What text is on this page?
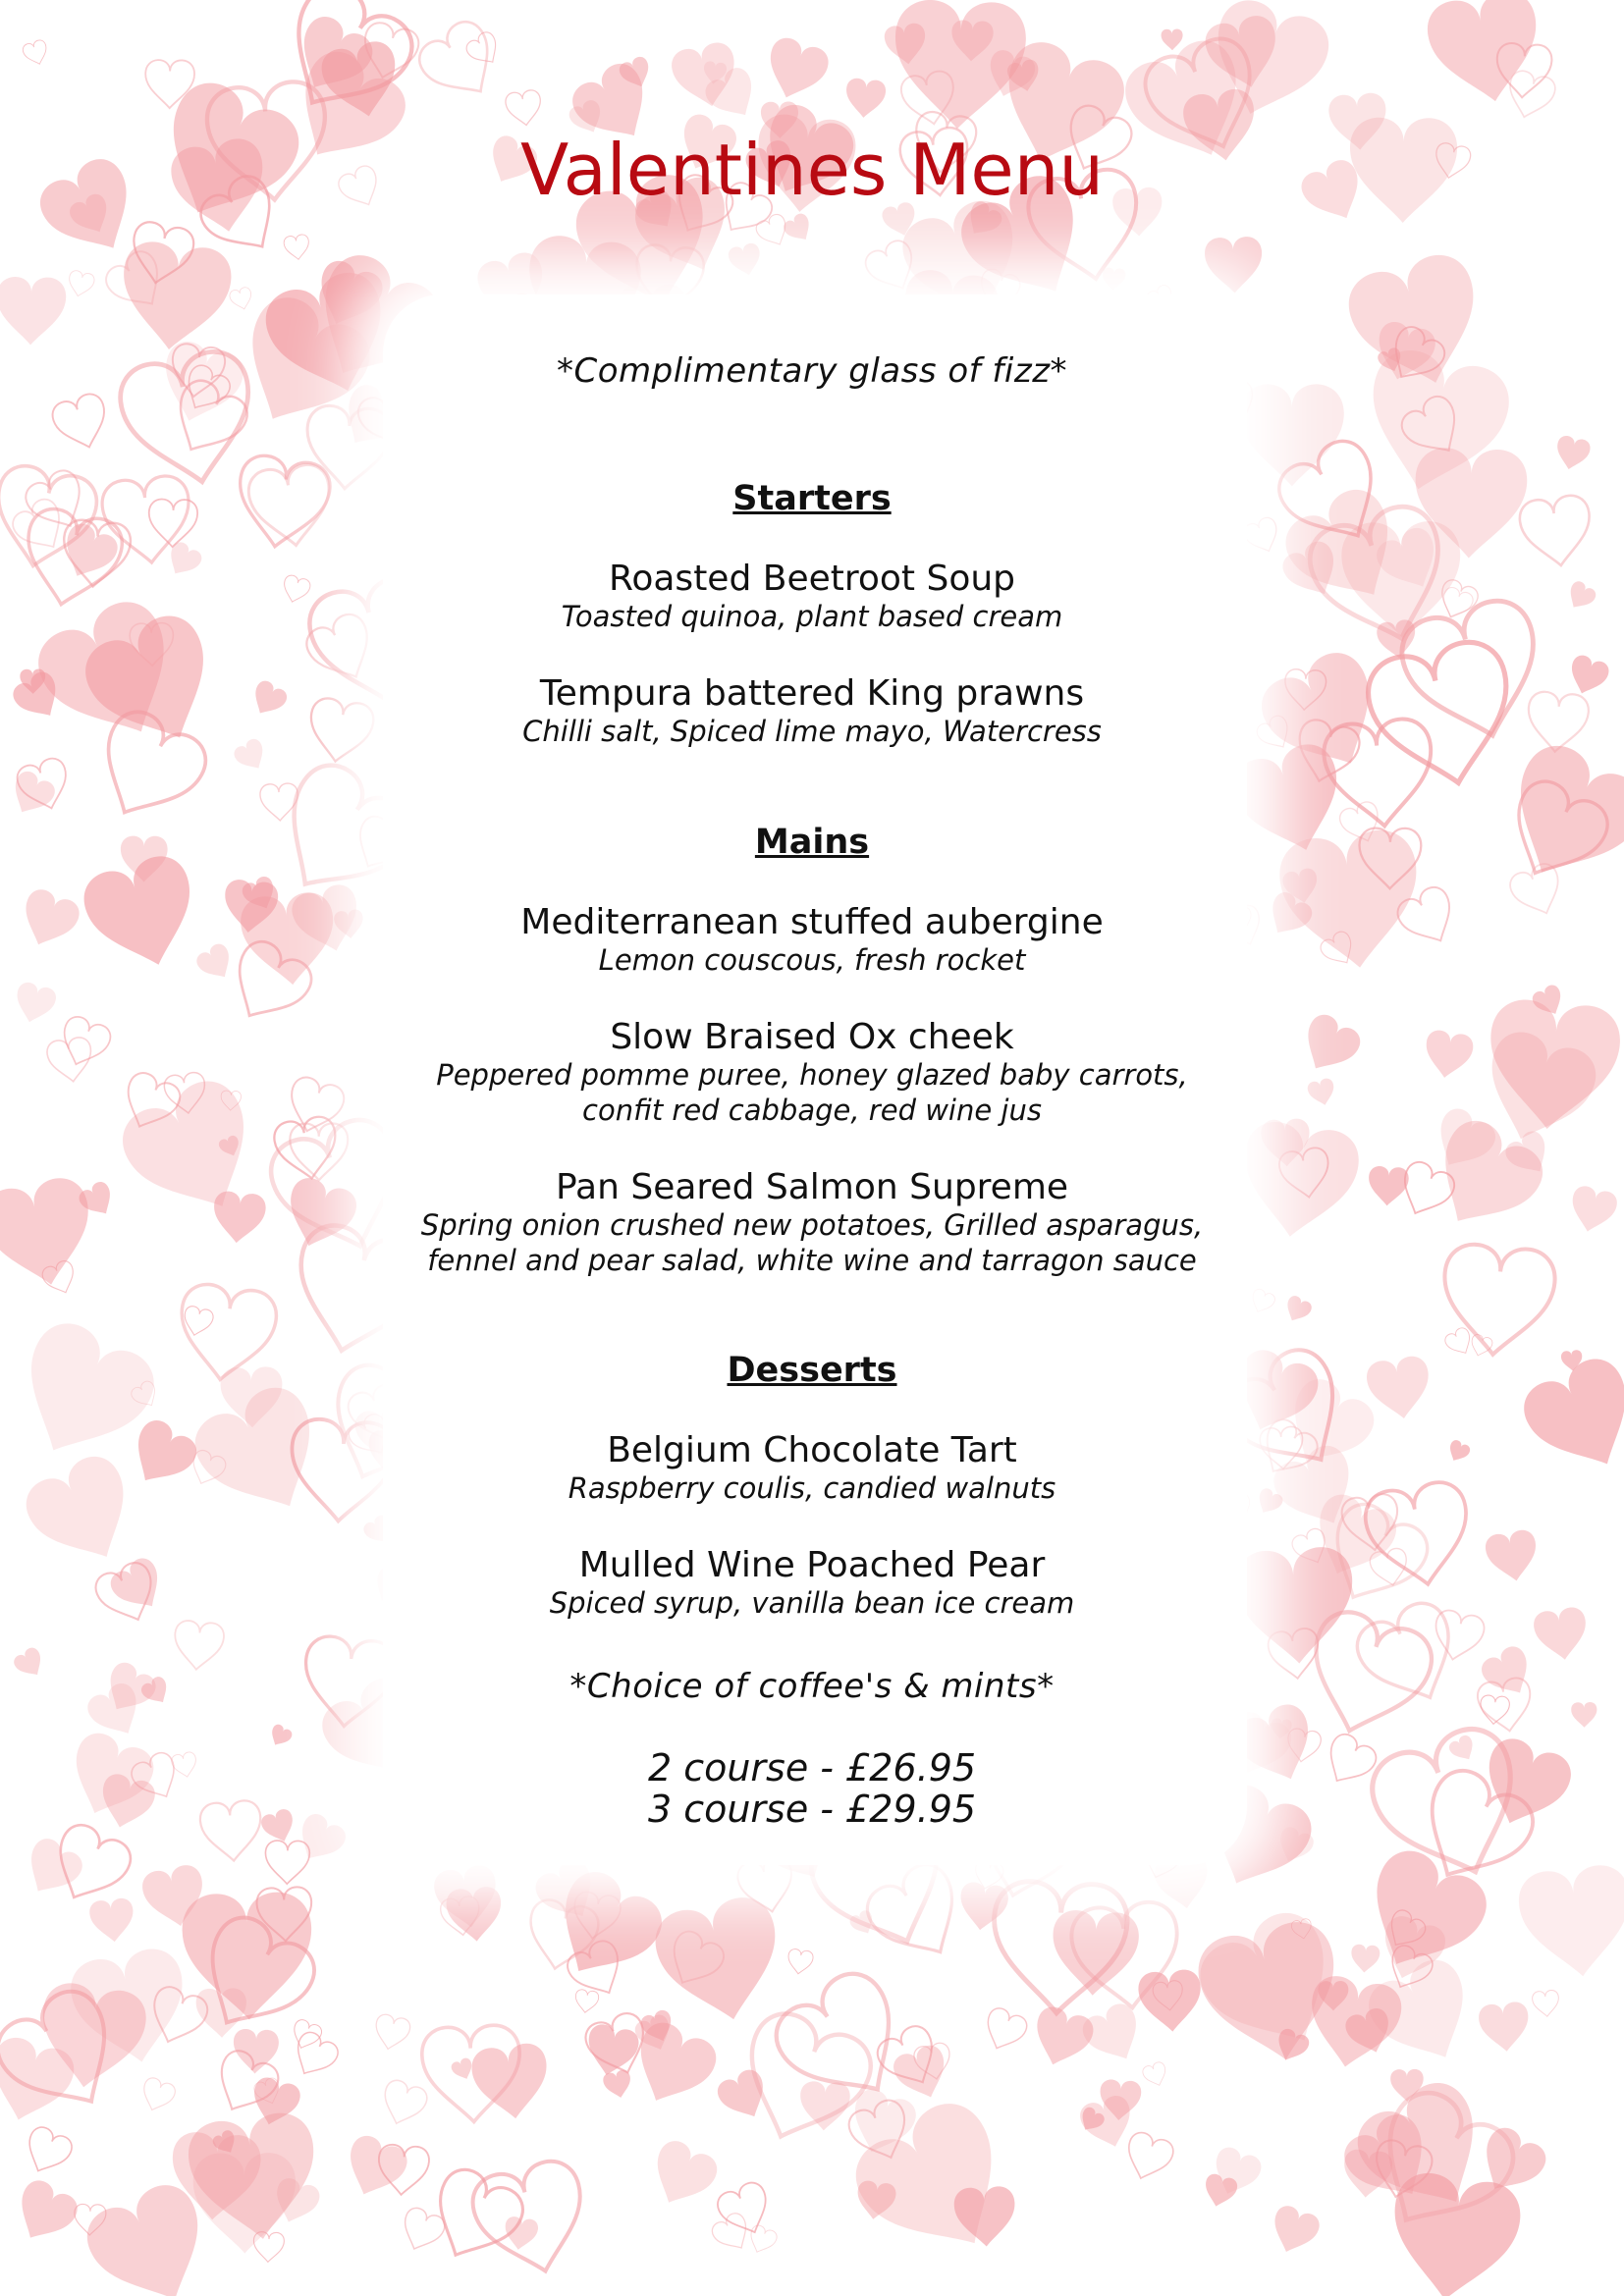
Valentines Menu
*Complimentary glass of fizz*
Starters
Roasted Beetroot Soup
Toasted quinoa, plant based cream
Tempura battered King prawns
Chilli salt, Spiced lime mayo, Watercress
Mains
Mediterranean stuffed aubergine
Lemon couscous, fresh rocket
Slow Braised Ox cheek
Peppered pomme puree, honey glazed baby carrots,
confit red cabbage, red wine jus
Pan Seared Salmon Supreme
Spring onion crushed new potatoes, Grilled asparagus,
fennel and pear salad, white wine and tarragon sauce
Desserts
Belgium Chocolate Tart
Raspberry coulis, candied walnuts
Mulled Wine Poached Pear
Spiced syrup, vanilla bean ice cream
*Choice of coffee's & mints*
2 course - £26.95
3 course - £29.95
